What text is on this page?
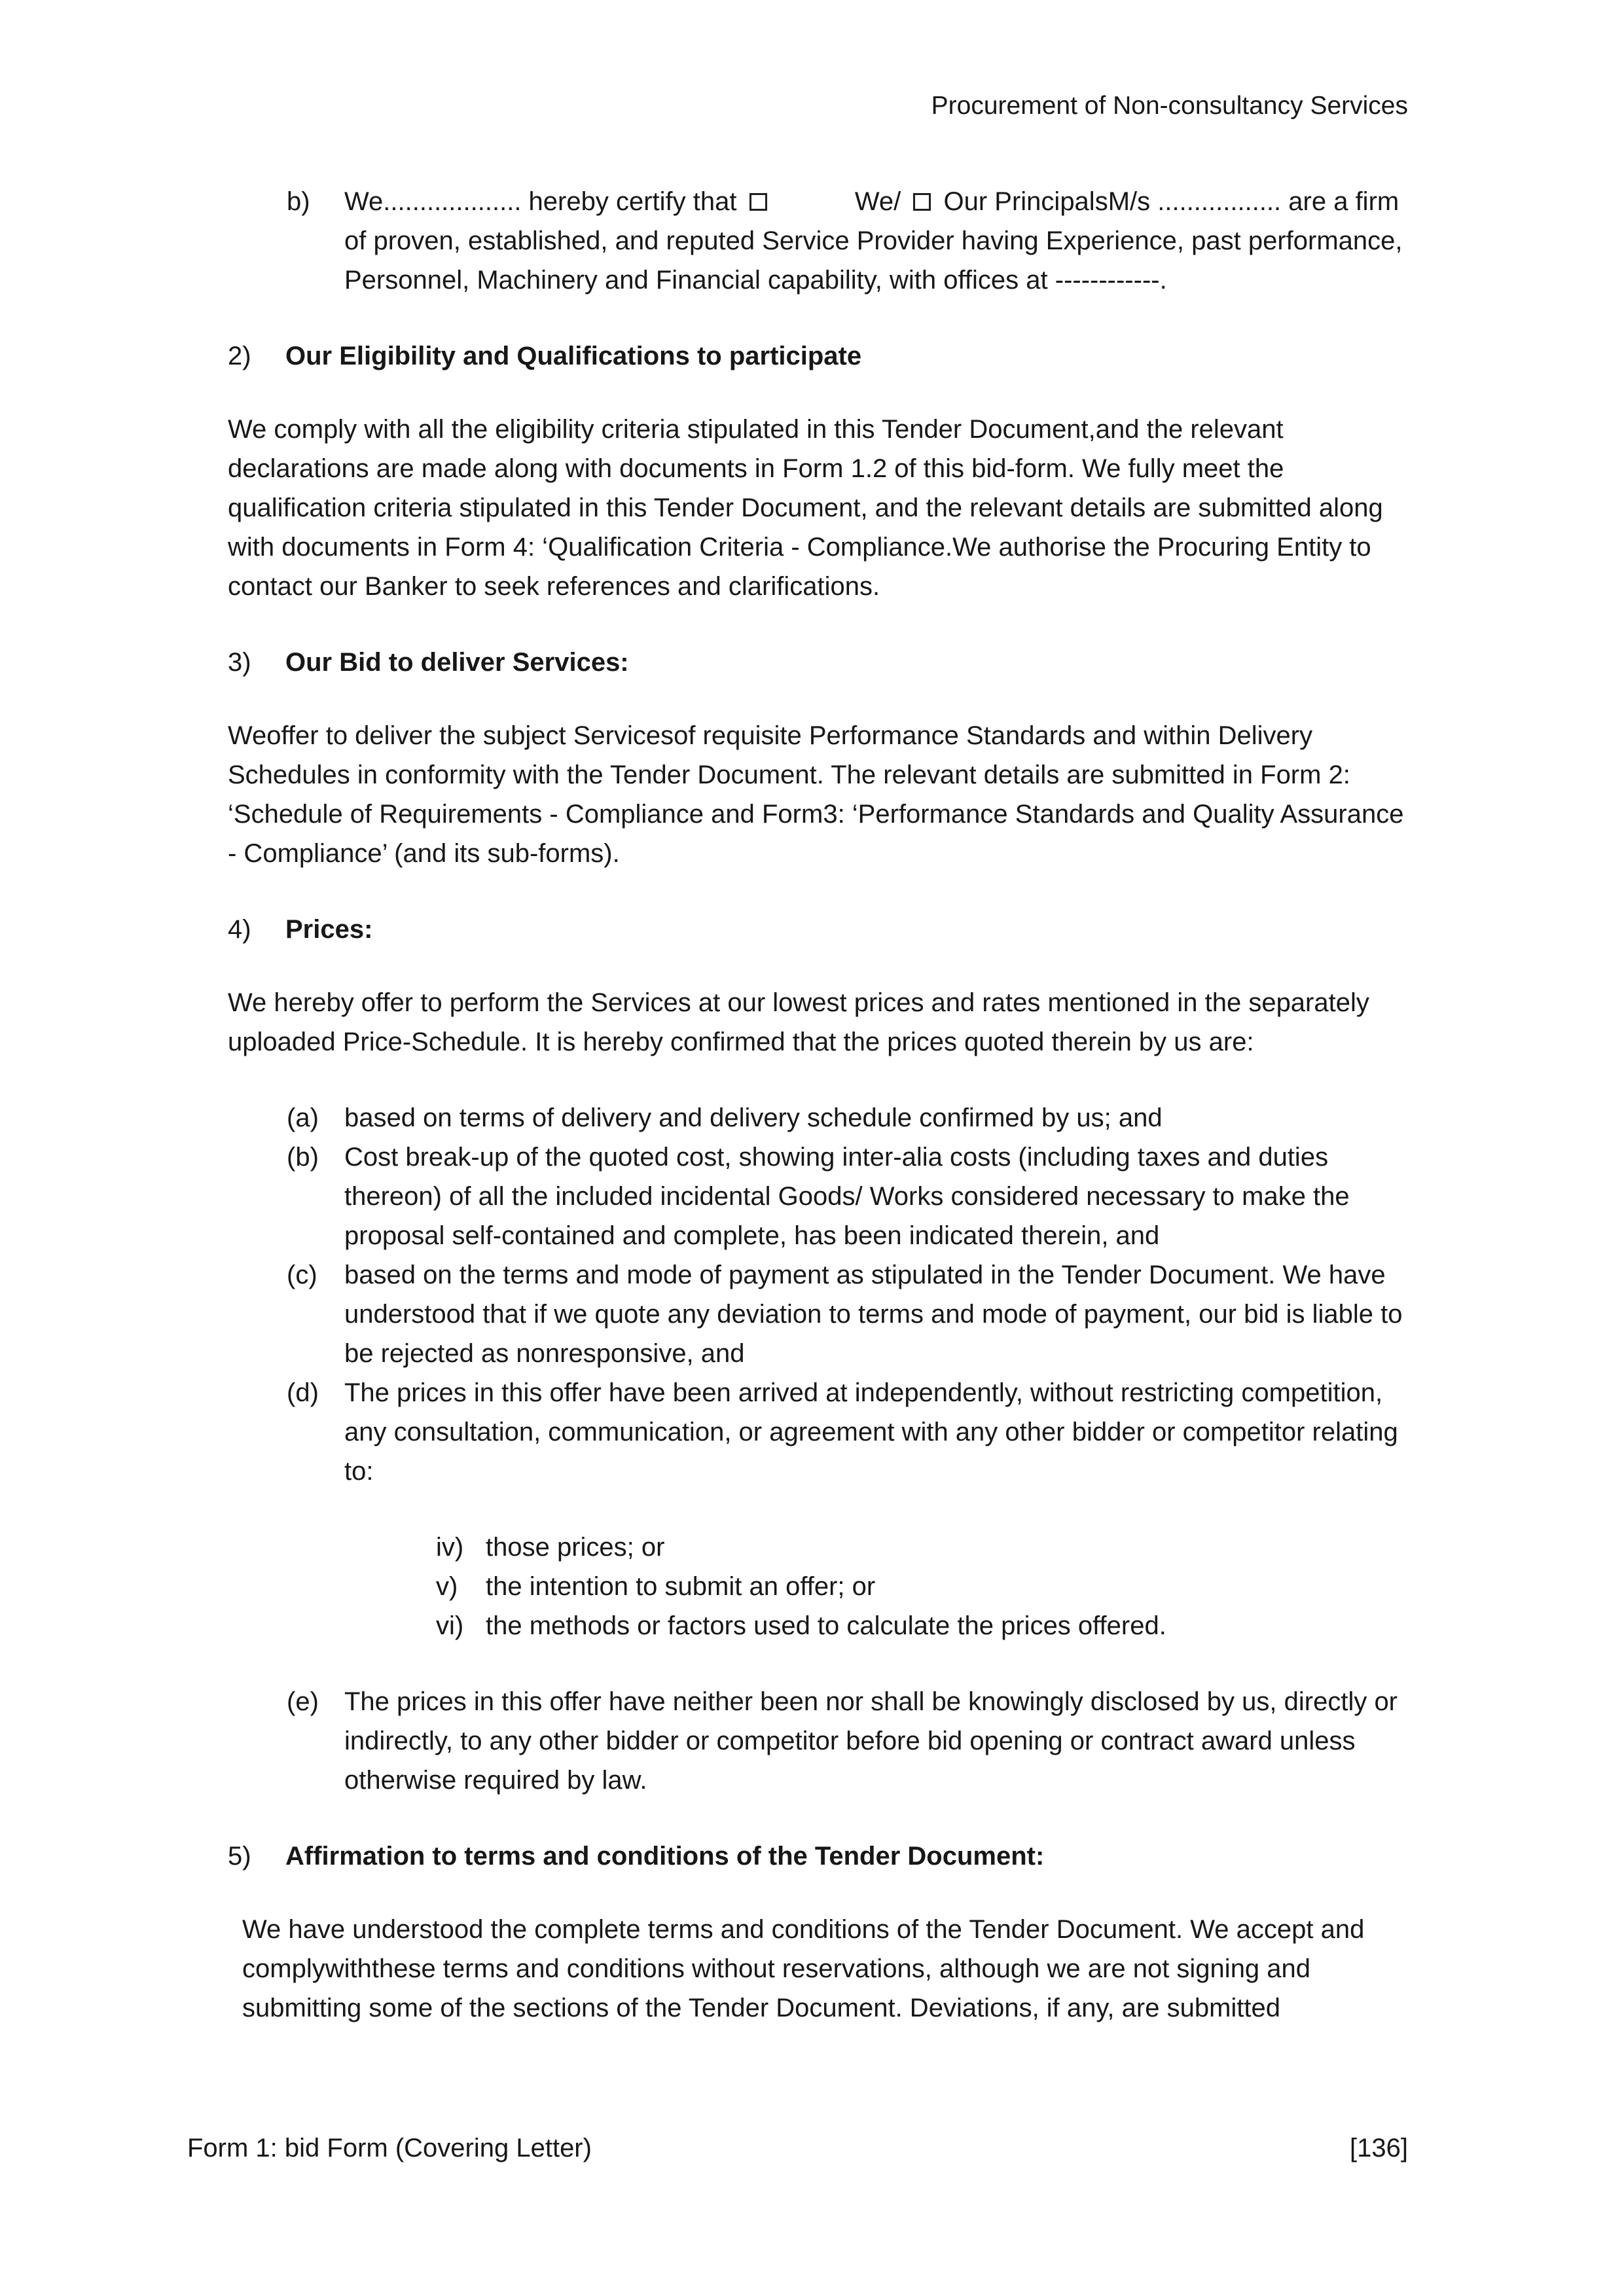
Procurement of Non-consultancy Services
b)	We................... hereby certify that	We/ Our PrincipalsM/s ................. are a firm of proven, established, and reputed Service Provider having Experience, past performance, Personnel, Machinery and Financial capability, with offices at ------------.
2)	Our Eligibility and Qualifications to participate

We comply with all the eligibility criteria stipulated in this Tender Document,and the relevant declarations are made along with documents in Form 1.2 of this bid-form. We fully meet the qualification criteria stipulated in this Tender Document, and the relevant details are submitted along with documents in Form 4: ‘Qualification Criteria - Compliance.We authorise the Procuring Entity to contact our Banker to seek references and clarifications.

3)	Our Bid to deliver Services:

Weoffer to deliver the subject Servicesof requisite Performance Standards and within Delivery Schedules in conformity with the Tender Document. The relevant details are submitted in Form 2: ‘Schedule of Requirements - Compliance and Form3: ‘Performance Standards and Quality Assurance - Compliance’ (and its sub-forms).

4)	Prices:

We hereby offer to perform the Services at our lowest prices and rates mentioned in the separately uploaded Price-Schedule. It is hereby confirmed that the prices quoted therein by us are:

(a) based on terms of delivery and delivery schedule confirmed by us; and
(b) Cost break-up of the quoted cost, showing inter-alia costs (including taxes and duties thereon) of all the included incidental Goods/ Works considered necessary to make the proposal self-contained and complete, has been indicated therein, and
(c)	based on the terms and mode of payment as stipulated in the Tender Document. We have understood that if we quote any deviation to terms and mode of payment, our bid is liable to be rejected as nonresponsive, and
(d) The prices in this offer have been arrived at independently, without restricting competition, any consultation, communication, or agreement with any other bidder or competitor relating to:
iv) those prices; or
v)	the intention to submit an offer; or
vi) the methods or factors used to calculate the prices offered.
(e) The prices in this offer have neither been nor shall be knowingly disclosed by us, directly or indirectly, to any other bidder or competitor before bid opening or contract award unless otherwise required by law.
5)	Affirmation to terms and conditions of the Tender Document:

We have understood the complete terms and conditions of the Tender Document. We accept and complywiththese terms and conditions without reservations, although we are not signing and submitting some of the sections of the Tender Document. Deviations, if any, are submitted

Form 1: bid Form (Covering Letter)	[136]
